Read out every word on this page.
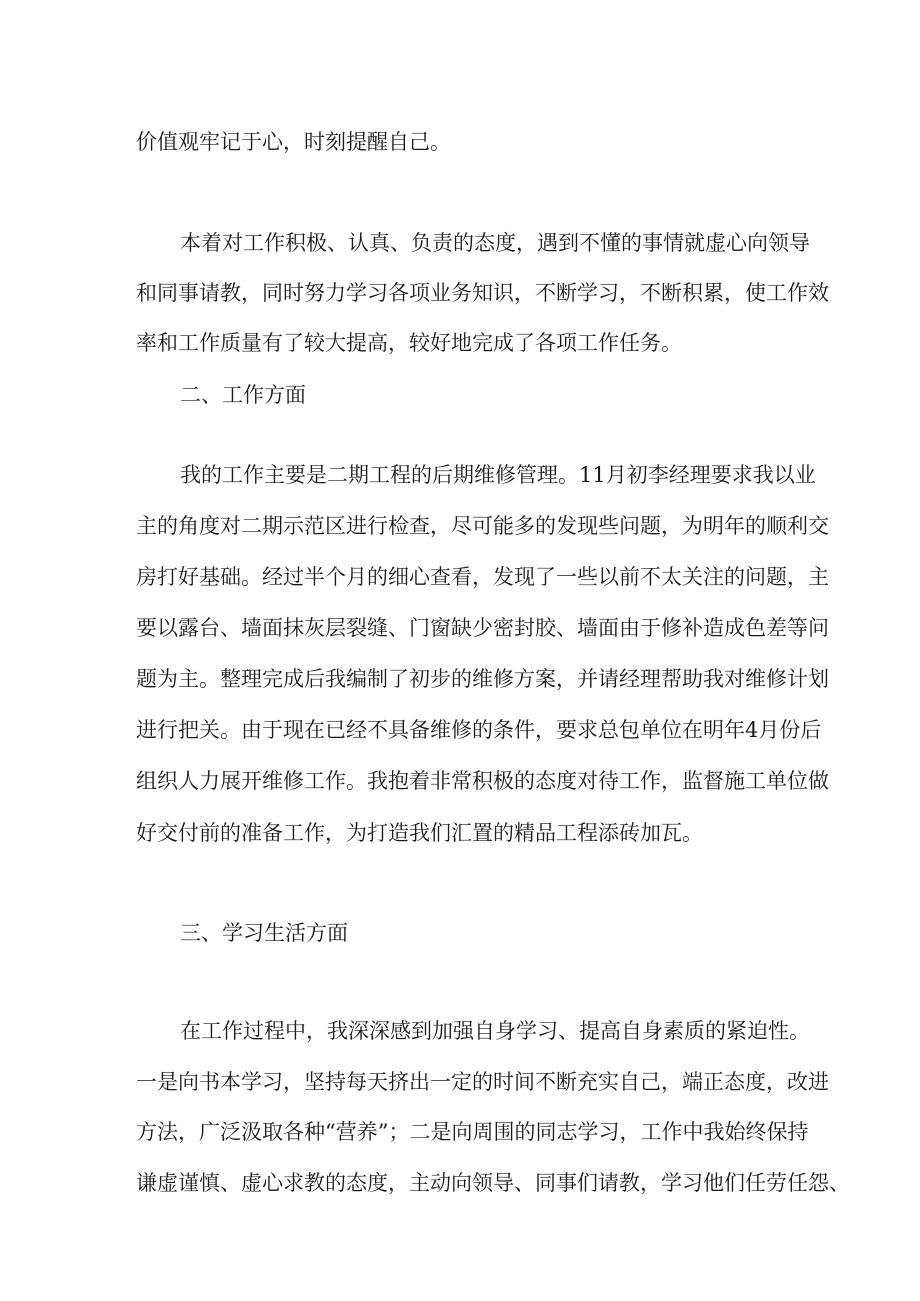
价值观牢记于心，时刻提醒自己。
本着对工作积极、认真、负责的态度，遇到不懂的事情就虚心向领导
和同事请教，同时努力学习各项业务知识，不断学习，不断积累，使工作效
率和工作质量有了较大提高，较好地完成了各项工作任务。
二、工作方面
我的工作主要是二期工程的后期维修管理。11月初李经理要求我以业
主的角度对二期示范区进行检查，尽可能多的发现些问题，为明年的顺利交
房打好基础。经过半个月的细心查看，发现了一些以前不太关注的问题，主
要以露台、墙面抹灰层裂缝、门窗缺少密封胶、墙面由于修补造成色差等问
题为主。整理完成后我编制了初步的维修方案，并请经理帮助我对维修计划
进行把关。由于现在已经不具备维修的条件，要求总包单位在明年4月份后
组织人力展开维修工作。我抱着非常积极的态度对待工作，监督施工单位做
好交付前的准备工作，为打造我们汇置的精品工程添砖加瓦。
三、学习生活方面
在工作过程中，我深深感到加强自身学习、提高自身素质的紧迫性。
一是向书本学习，坚持每天挤出一定的时间不断充实自己，端正态度，改进
方法，广泛汲取各种“营养”；二是向周围的同志学习，工作中我始终保持
谦虚谨慎、虚心求教的态度，主动向领导、同事们请教，学习他们任劳任怨、
